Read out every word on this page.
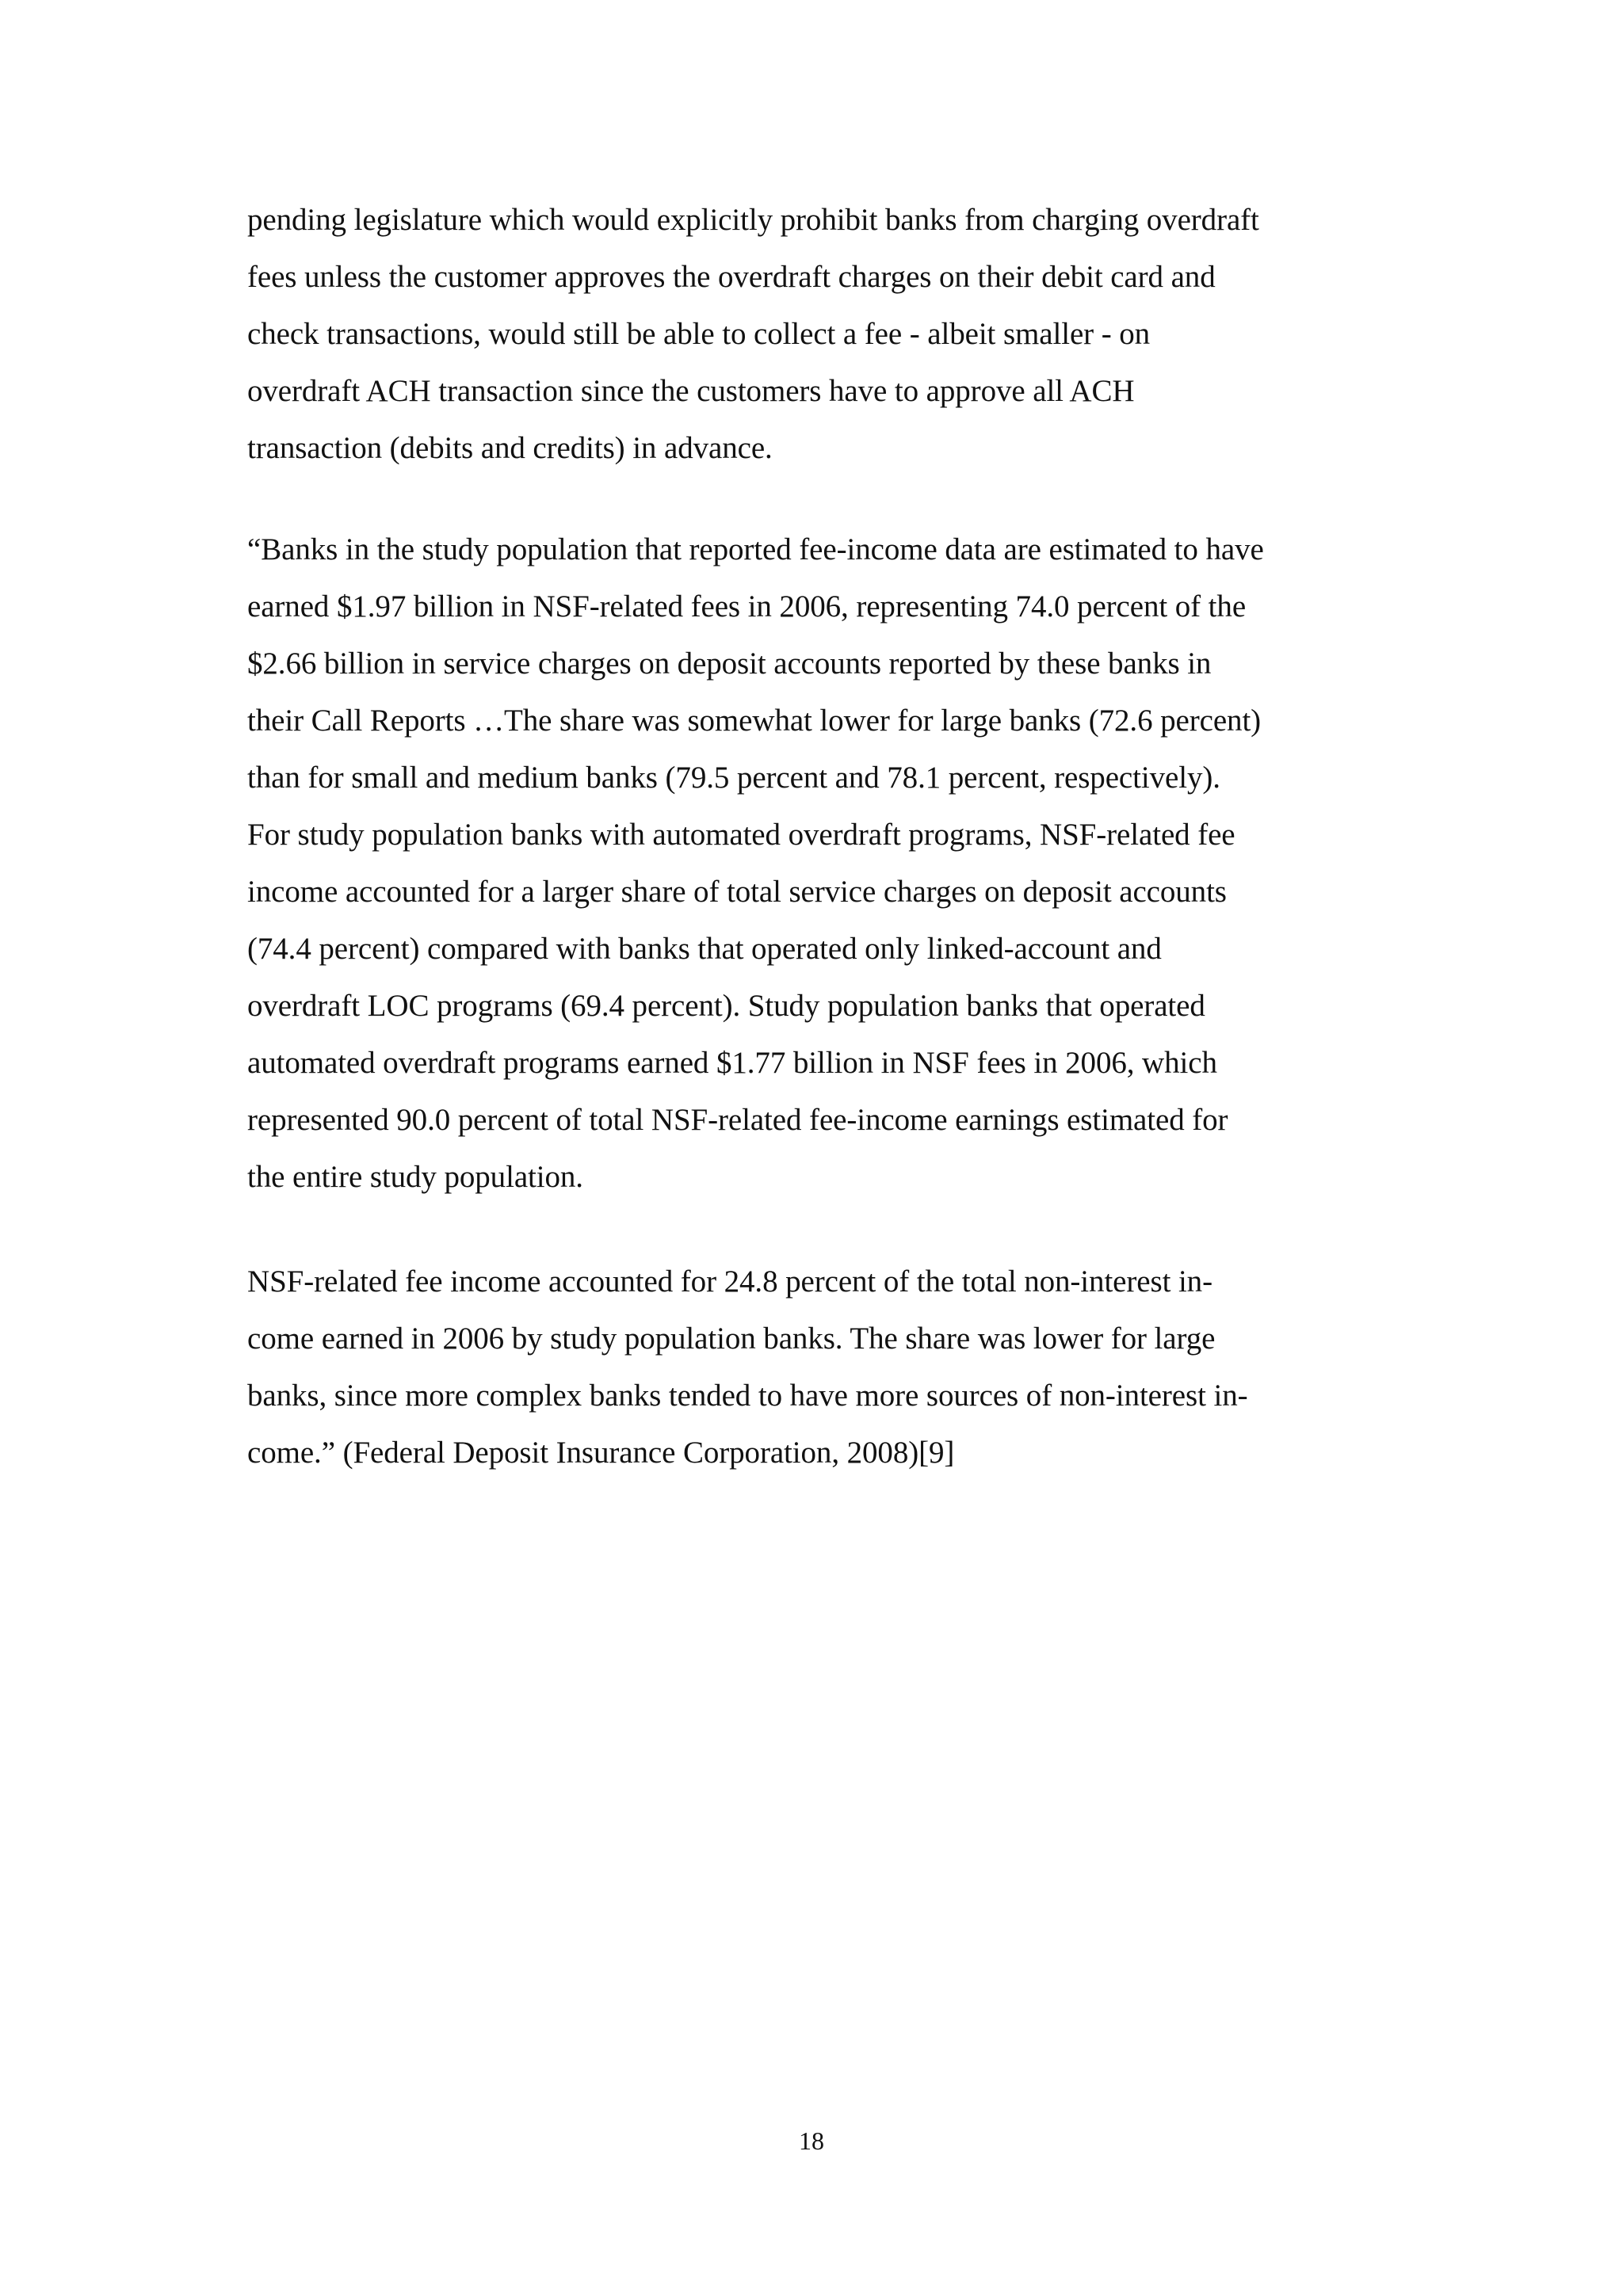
pending legislature which would explicitly prohibit banks from charging overdraft
fees unless the customer approves the overdraft charges on their debit card and
check transactions, would still be able to collect a fee - albeit smaller - on
overdraft ACH transaction since the customers have to approve all ACH
transaction (debits and credits) in advance.
“Banks in the study population that reported fee-income data are estimated to have
earned $1.97 billion in NSF-related fees in 2006, representing 74.0 percent of the
$2.66 billion in service charges on deposit accounts reported by these banks in
their Call Reports …The share was somewhat lower for large banks (72.6 percent)
than for small and medium banks (79.5 percent and 78.1 percent, respectively).
For study population banks with automated overdraft programs, NSF-related fee
income accounted for a larger share of total service charges on deposit accounts
(74.4 percent) compared with banks that operated only linked-account and
overdraft LOC programs (69.4 percent). Study population banks that operated
automated overdraft programs earned $1.77 billion in NSF fees in 2006, which
represented 90.0 percent of total NSF-related fee-income earnings estimated for
the entire study population.
NSF-related fee income accounted for 24.8 percent of the total non-interest in-
come earned in 2006 by study population banks. The share was lower for large
banks, since more complex banks tended to have more sources of non-interest in-
come.” (Federal Deposit Insurance Corporation, 2008)[9]
18
